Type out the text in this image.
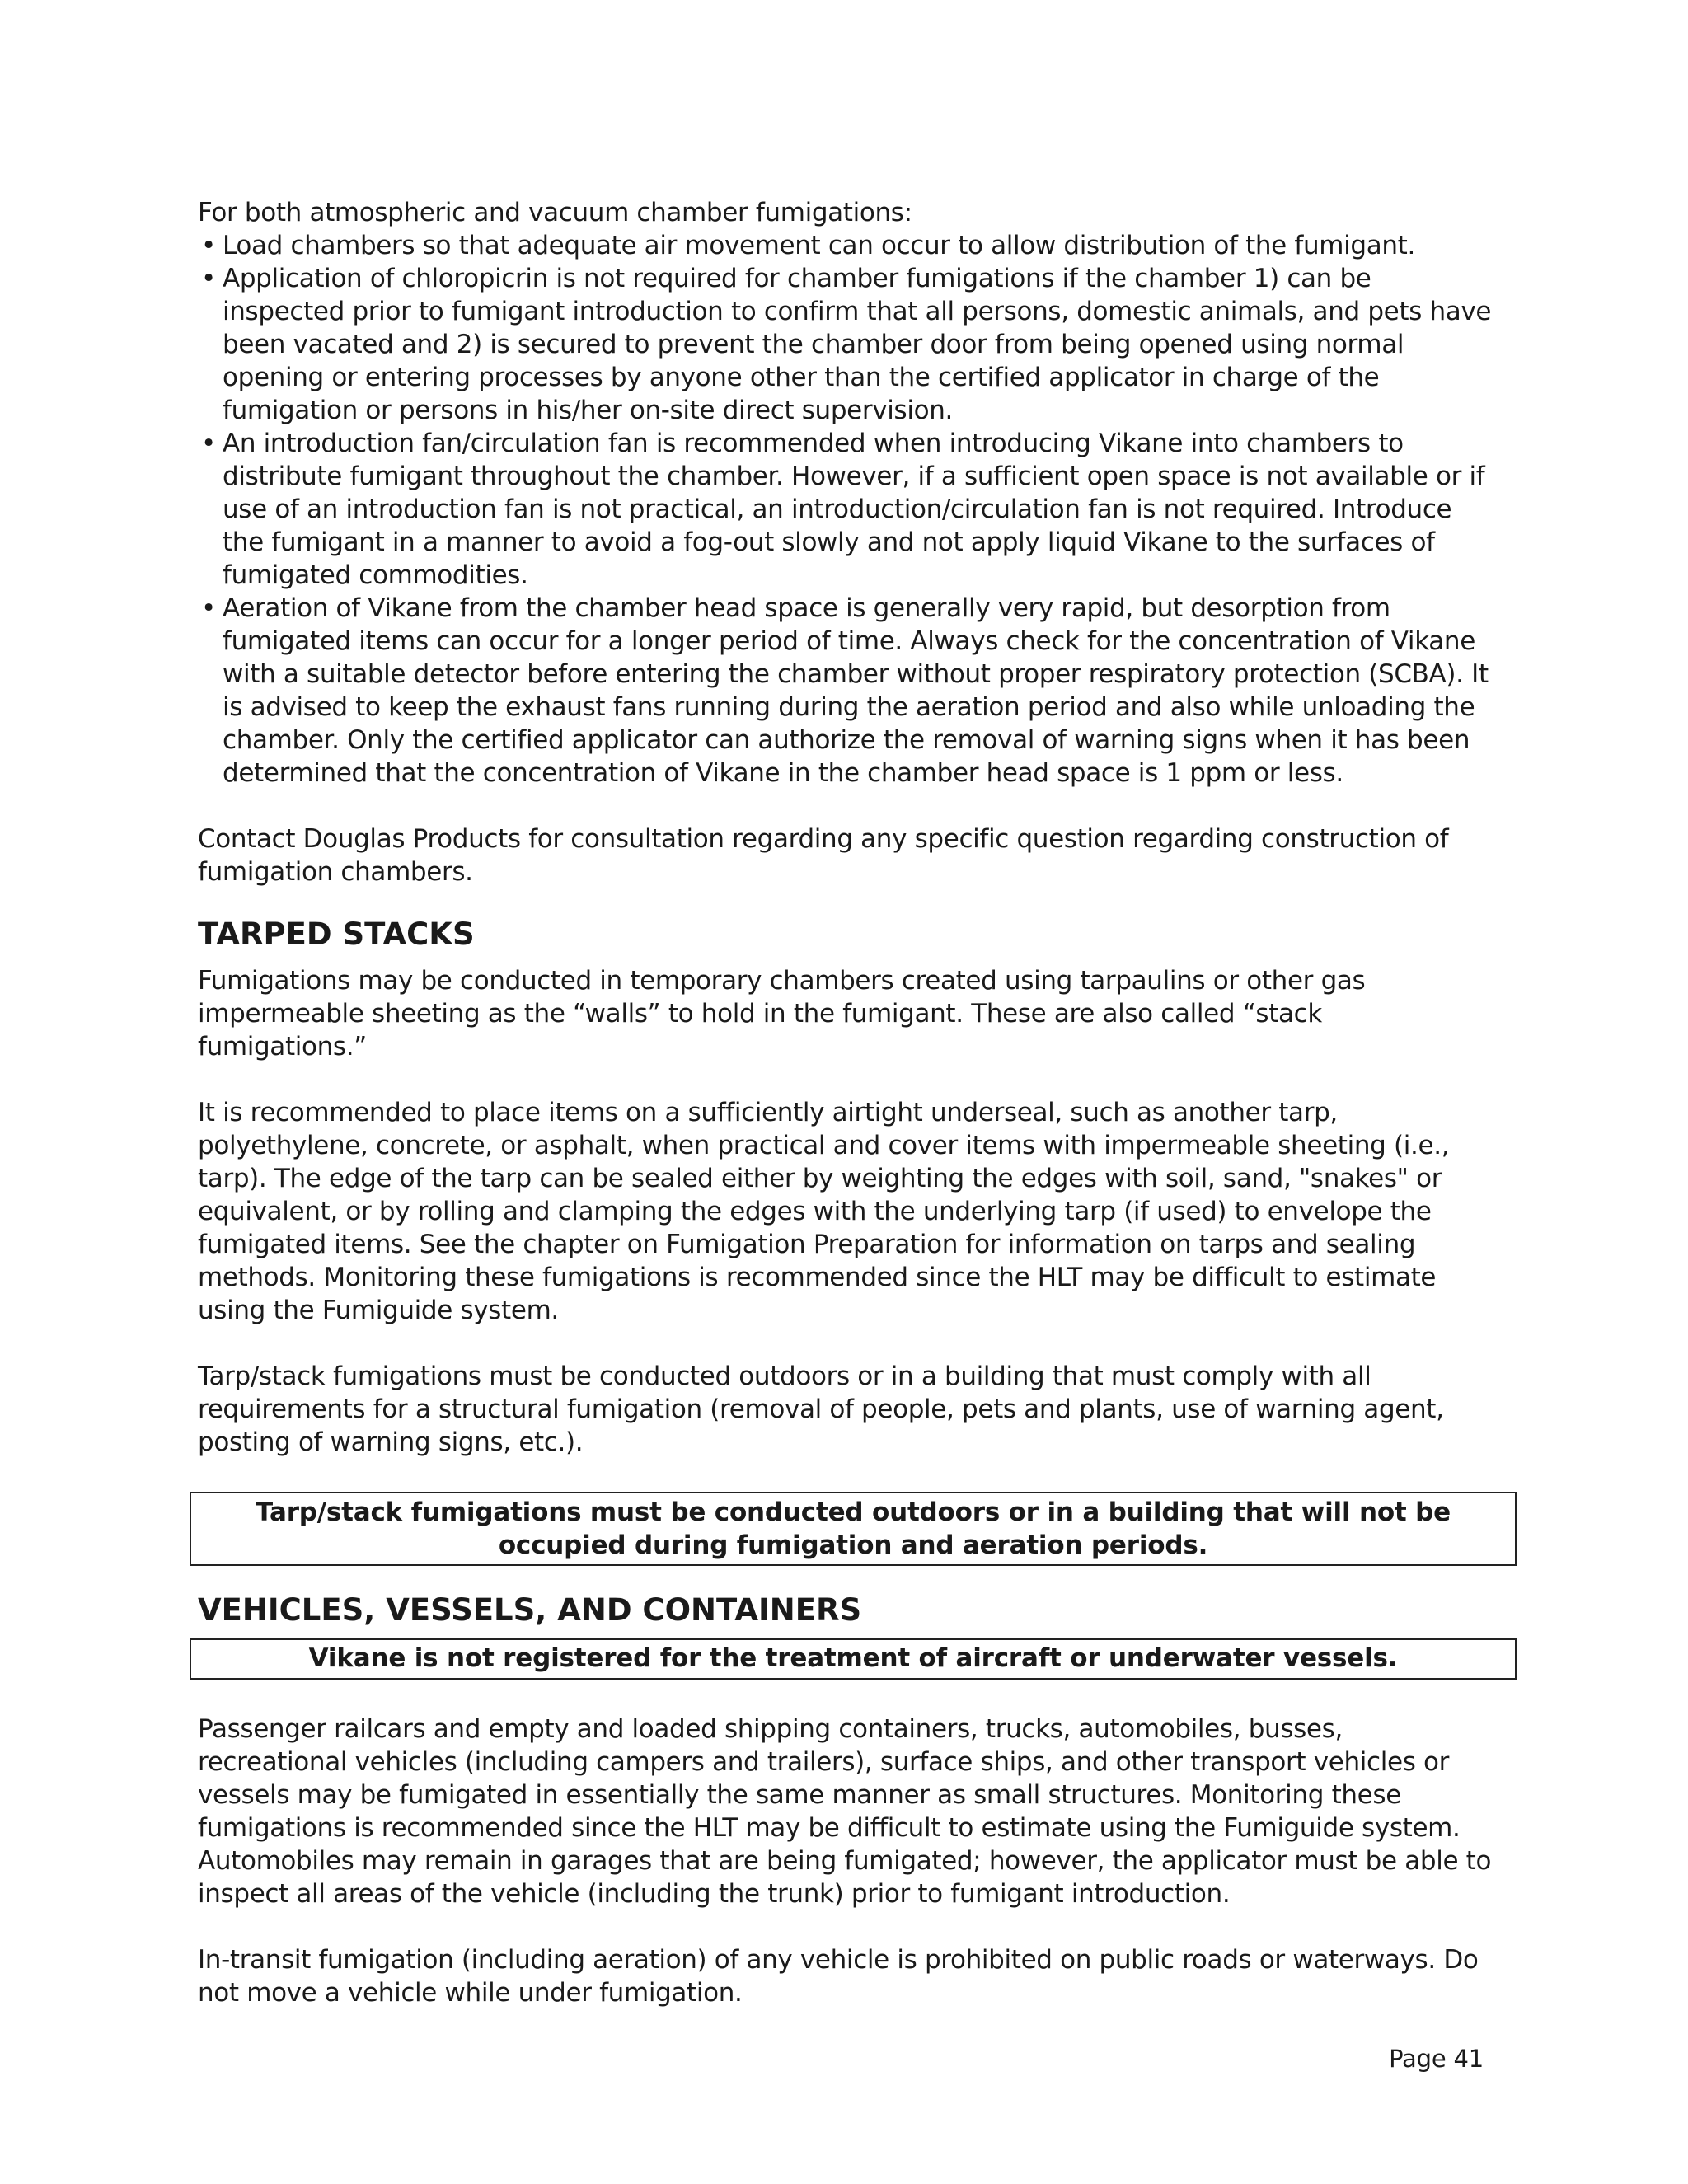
For both atmospheric and vacuum chamber fumigations:

• Load chambers so that adequate air movement can occur to allow distribution of the fumigant.
• Application of chloropicrin is not required for chamber fumigations if the chamber 1) can be inspected prior to fumigant introduction to confirm that all persons, domestic animals, and pets have been vacated and 2) is secured to prevent the chamber door from being opened using normal opening or entering processes by anyone other than the certified applicator in charge of the fumigation or persons in his/her on-site direct supervision.
• An introduction fan/circulation fan is recommended when introducing Vikane into chambers to distribute fumigant throughout the chamber. However, if a sufficient open space is not available or if use of an introduction fan is not practical, an introduction/circulation fan is not required. Introduce the fumigant in a manner to avoid a fog-out slowly and not apply liquid Vikane to the surfaces of fumigated commodities.
• Aeration of Vikane from the chamber head space is generally very rapid, but desorption from fumigated items can occur for a longer period of time. Always check for the concentration of Vikane with a suitable detector before entering the chamber without proper respiratory protection (SCBA). It is advised to keep the exhaust fans running during the aeration period and also while unloading the chamber. Only the certified applicator can authorize the removal of warning signs when it has been determined that the concentration of Vikane in the chamber head space is 1 ppm or less.

Contact Douglas Products for consultation regarding any specific question regarding construction of fumigation chambers.

TARPED STACKS

Fumigations may be conducted in temporary chambers created using tarpaulins or other gas impermeable sheeting as the “walls” to hold in the fumigant. These are also called “stack fumigations.”

It is recommended to place items on a sufficiently airtight underseal, such as another tarp, polyethylene, concrete, or asphalt, when practical and cover items with impermeable sheeting (i.e., tarp). The edge of the tarp can be sealed either by weighting the edges with soil, sand, "snakes" or equivalent, or by rolling and clamping the edges with the underlying tarp (if used) to envelope the fumigated items. See the chapter on Fumigation Preparation for information on tarps and sealing methods. Monitoring these fumigations is recommended since the HLT may be difficult to estimate using the Fumiguide system.

Tarp/stack fumigations must be conducted outdoors or in a building that must comply with all requirements for a structural fumigation (removal of people, pets and plants, use of warning agent, posting of warning signs, etc.).

Tarp/stack fumigations must be conducted outdoors or in a building that will not be occupied during fumigation and aeration periods.
VEHICLES, VESSELS, AND CONTAINERS
Vikane is not registered for the treatment of aircraft or underwater vessels.

Passenger railcars and empty and loaded shipping containers, trucks, automobiles, busses, recreational vehicles (including campers and trailers), surface ships, and other transport vehicles or vessels may be fumigated in essentially the same manner as small structures. Monitoring these fumigations is recommended since the HLT may be difficult to estimate using the Fumiguide system. Automobiles may remain in garages that are being fumigated; however, the applicator must be able to inspect all areas of the vehicle (including the trunk) prior to fumigant introduction.

In-transit fumigation (including aeration) of any vehicle is prohibited on public roads or waterways. Do not move a vehicle while under fumigation.

Page 41
